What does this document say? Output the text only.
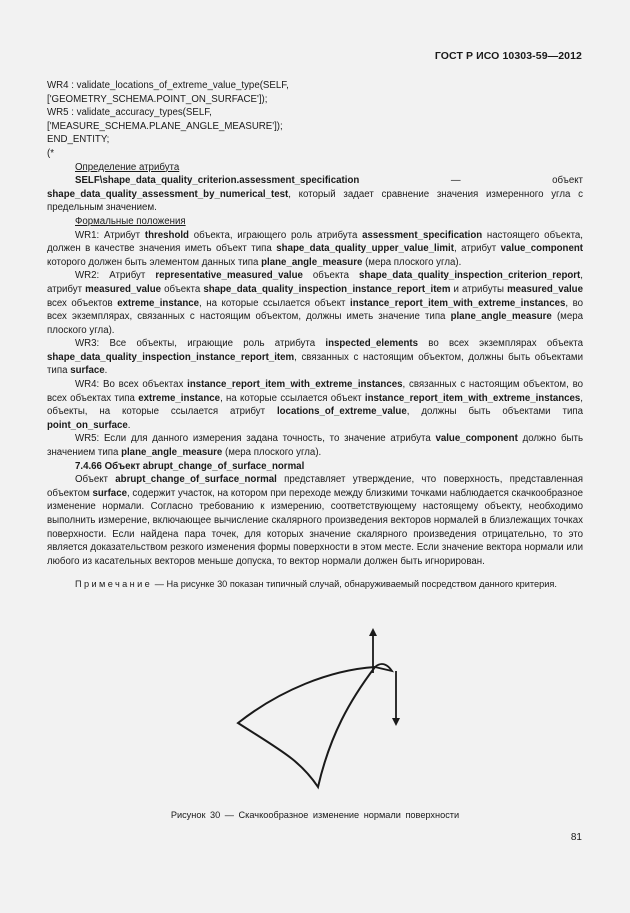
ГОСТ Р ИСО 10303-59—2012
WR4 : validate_locations_of_extreme_value_type(SELF,
['GEOMETRY_SCHEMA.POINT_ON_SURFACE']);
WR5 : validate_accuracy_types(SELF,
['MEASURE_SCHEMA.PLANE_ANGLE_MEASURE']);
END_ENTITY;
(*
Определение атрибута
SELF\shape_data_quality_criterion.assessment_specification — объект shape_data_quality_assessment_by_numerical_test, который задает сравнение значения измеренного угла с предельным значением.
Формальные положения
WR1: Атрибут threshold объекта, играющего роль атрибута assessment_specification настоящего объекта, должен в качестве значения иметь объект типа shape_data_quality_upper_value_limit, атрибут value_component которого должен быть элементом данных типа plane_angle_measure (мера плоского угла).
WR2: Атрибут representative_measured_value объекта shape_data_quality_inspection_criterion_report, атрибут measured_value объекта shape_data_quality_inspection_instance_report_item и атрибуты measured_value всех объектов extreme_instance, на которые ссылается объект instance_report_item_with_extreme_instances, во всех экземплярах, связанных с настоящим объектом, должны иметь значение типа plane_angle_measure (мера плоского угла).
WR3: Все объекты, играющие роль атрибута inspected_elements во всех экземплярах объекта shape_data_quality_inspection_instance_report_item, связанных с настоящим объектом, должны быть объектами типа surface.
WR4: Во всех объектах instance_report_item_with_extreme_instances, связанных с настоящим объектом, во всех объектах типа extreme_instance, на которые ссылается объект instance_report_item_with_extreme_instances, объекты, на которые ссылается атрибут locations_of_extreme_value, должны быть объектами типа point_on_surface.
WR5: Если для данного измерения задана точность, то значение атрибута value_component должно быть значением типа plane_angle_measure (мера плоского угла).
7.4.66 Объект abrupt_change_of_surface_normal
Объект abrupt_change_of_surface_normal представляет утверждение, что поверхность, представленная объектом surface, содержит участок, на котором при переходе между близкими точками наблюдается скачкообразное изменение нормали. Согласно требованию к измерению, соответствующему настоящему объекту, необходимо выполнить измерение, включающее вычисление скалярного произведения векторов нормалей в близлежащих точках поверхности. Если найдена пара точек, для которых значение скалярного произведения отрицательно, то это является доказательством резкого изменения формы поверхности в этом месте. Если значение вектора нормали или любого из касательных векторов меньше допуска, то вектор нормали должен быть игнорирован.
Примечание — На рисунке 30 показан типичный случай, обнаруживаемый посредством данного критерия.
Рисунок 30 — Скачкообразное изменение нормали поверхности
81
